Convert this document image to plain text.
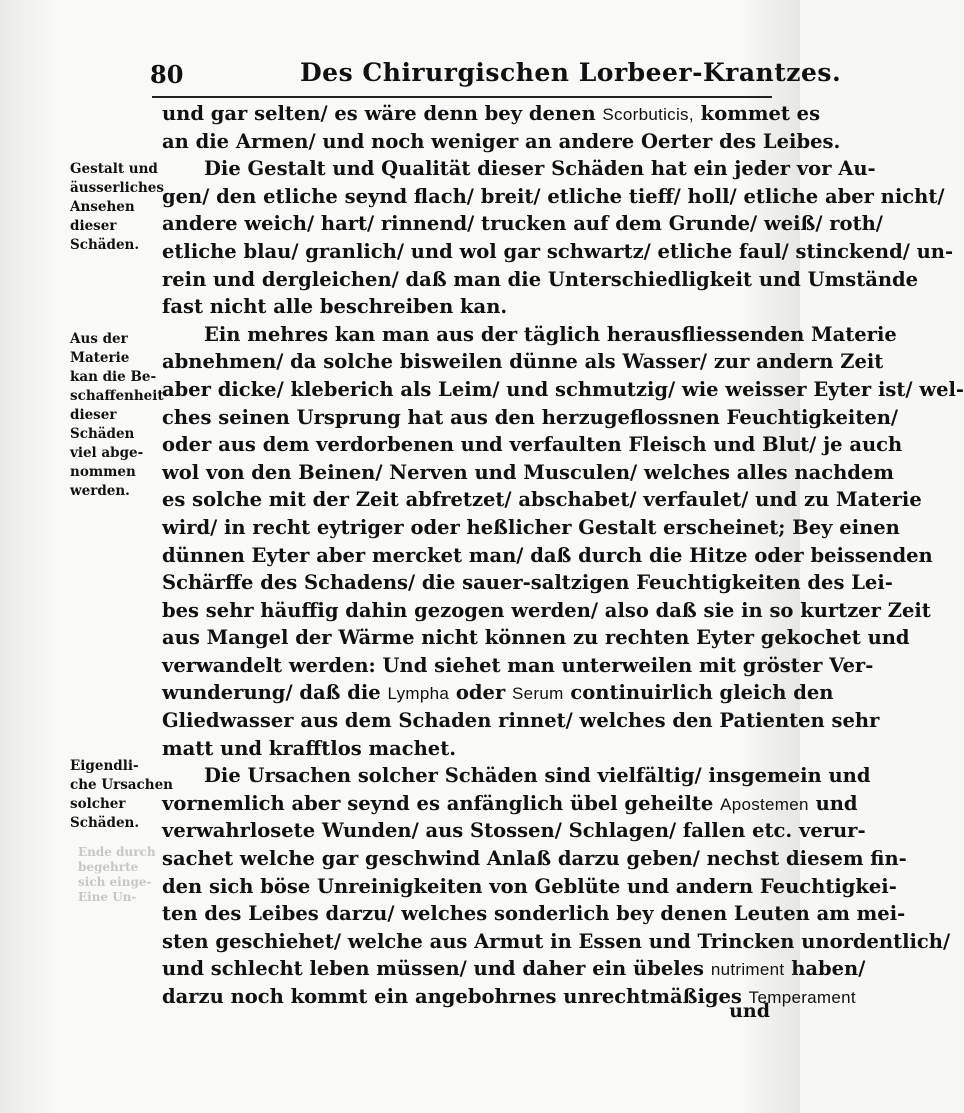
80	Des Chirurgischen Lorbeer-Krantzes.
Gestalt und
äusserliches
Ansehen
dieser
Schäden.
Aus der
Materie
kan die Be-
schaffenheit
dieser
Schäden
viel abge-
nommen
werden.
Eigendli-
che Ursachen
solcher
Schäden.
Ende durch
begehrte
sich einge-
Eine Un-
und gar selten/ es wäre denn bey denen Scorbuticis, kommet es
an die Armen/ und noch weniger an andere Oerter des Leibes.
Die Gestalt und Qualität dieser Schäden hat ein jeder vor Au-
gen/ den etliche seynd flach/ breit/ etliche tieff/ holl/ etliche aber nicht/
andere weich/ hart/ rinnend/ trucken auf dem Grunde/ weiß/ roth/
etliche blau/ granlich/ und wol gar schwartz/ etliche faul/ stinckend/ un-
rein und dergleichen/ daß man die Unterschiedligkeit und Umstände
fast nicht alle beschreiben kan.
Ein mehres kan man aus der täglich herausfliessenden Materie
abnehmen/ da solche bisweilen dünne als Wasser/ zur andern Zeit
aber dicke/ kleberich als Leim/ und schmutzig/ wie weisser Eyter ist/ wel-
ches seinen Ursprung hat aus den herzugeflossnen Feuchtigkeiten/
oder aus dem verdorbenen und verfaulten Fleisch und Blut/ je auch
wol von den Beinen/ Nerven und Musculen/ welches alles nachdem
es solche mit der Zeit abfretzet/ abschabet/ verfaulet/ und zu Materie
wird/ in recht eytriger oder heßlicher Gestalt erscheinet; Bey einen
dünnen Eyter aber mercket man/ daß durch die Hitze oder beissenden
Schärffe des Schadens/ die sauer-saltzigen Feuchtigkeiten des Lei-
bes sehr häuffig dahin gezogen werden/ also daß sie in so kurtzer Zeit
aus Mangel der Wärme nicht können zu rechten Eyter gekochet und
verwandelt werden: Und siehet man unterweilen mit gröster Ver-
wunderung/ daß die Lympha oder Serum continuirlich gleich den
Gliedwasser aus dem Schaden rinnet/ welches den Patienten sehr
matt und krafftlos machet.
Die Ursachen solcher Schäden sind vielfältig/ insgemein und
vornemlich aber seynd es anfänglich übel geheilte Apostemen und
verwahrlosete Wunden/ aus Stossen/ Schlagen/ fallen etc. verur-
sachet welche gar geschwind Anlaß darzu geben/ nechst diesem fin-
den sich böse Unreinigkeiten von Geblüte und andern Feuchtigkei-
ten des Leibes darzu/ welches sonderlich bey denen Leuten am mei-
sten geschiehet/ welche aus Armut in Essen und Trincken unordentlich/
und schlecht leben müssen/ und daher ein übeles nutriment haben/
darzu noch kommt ein angebohrnes unrechtmäßiges Temperament
und
